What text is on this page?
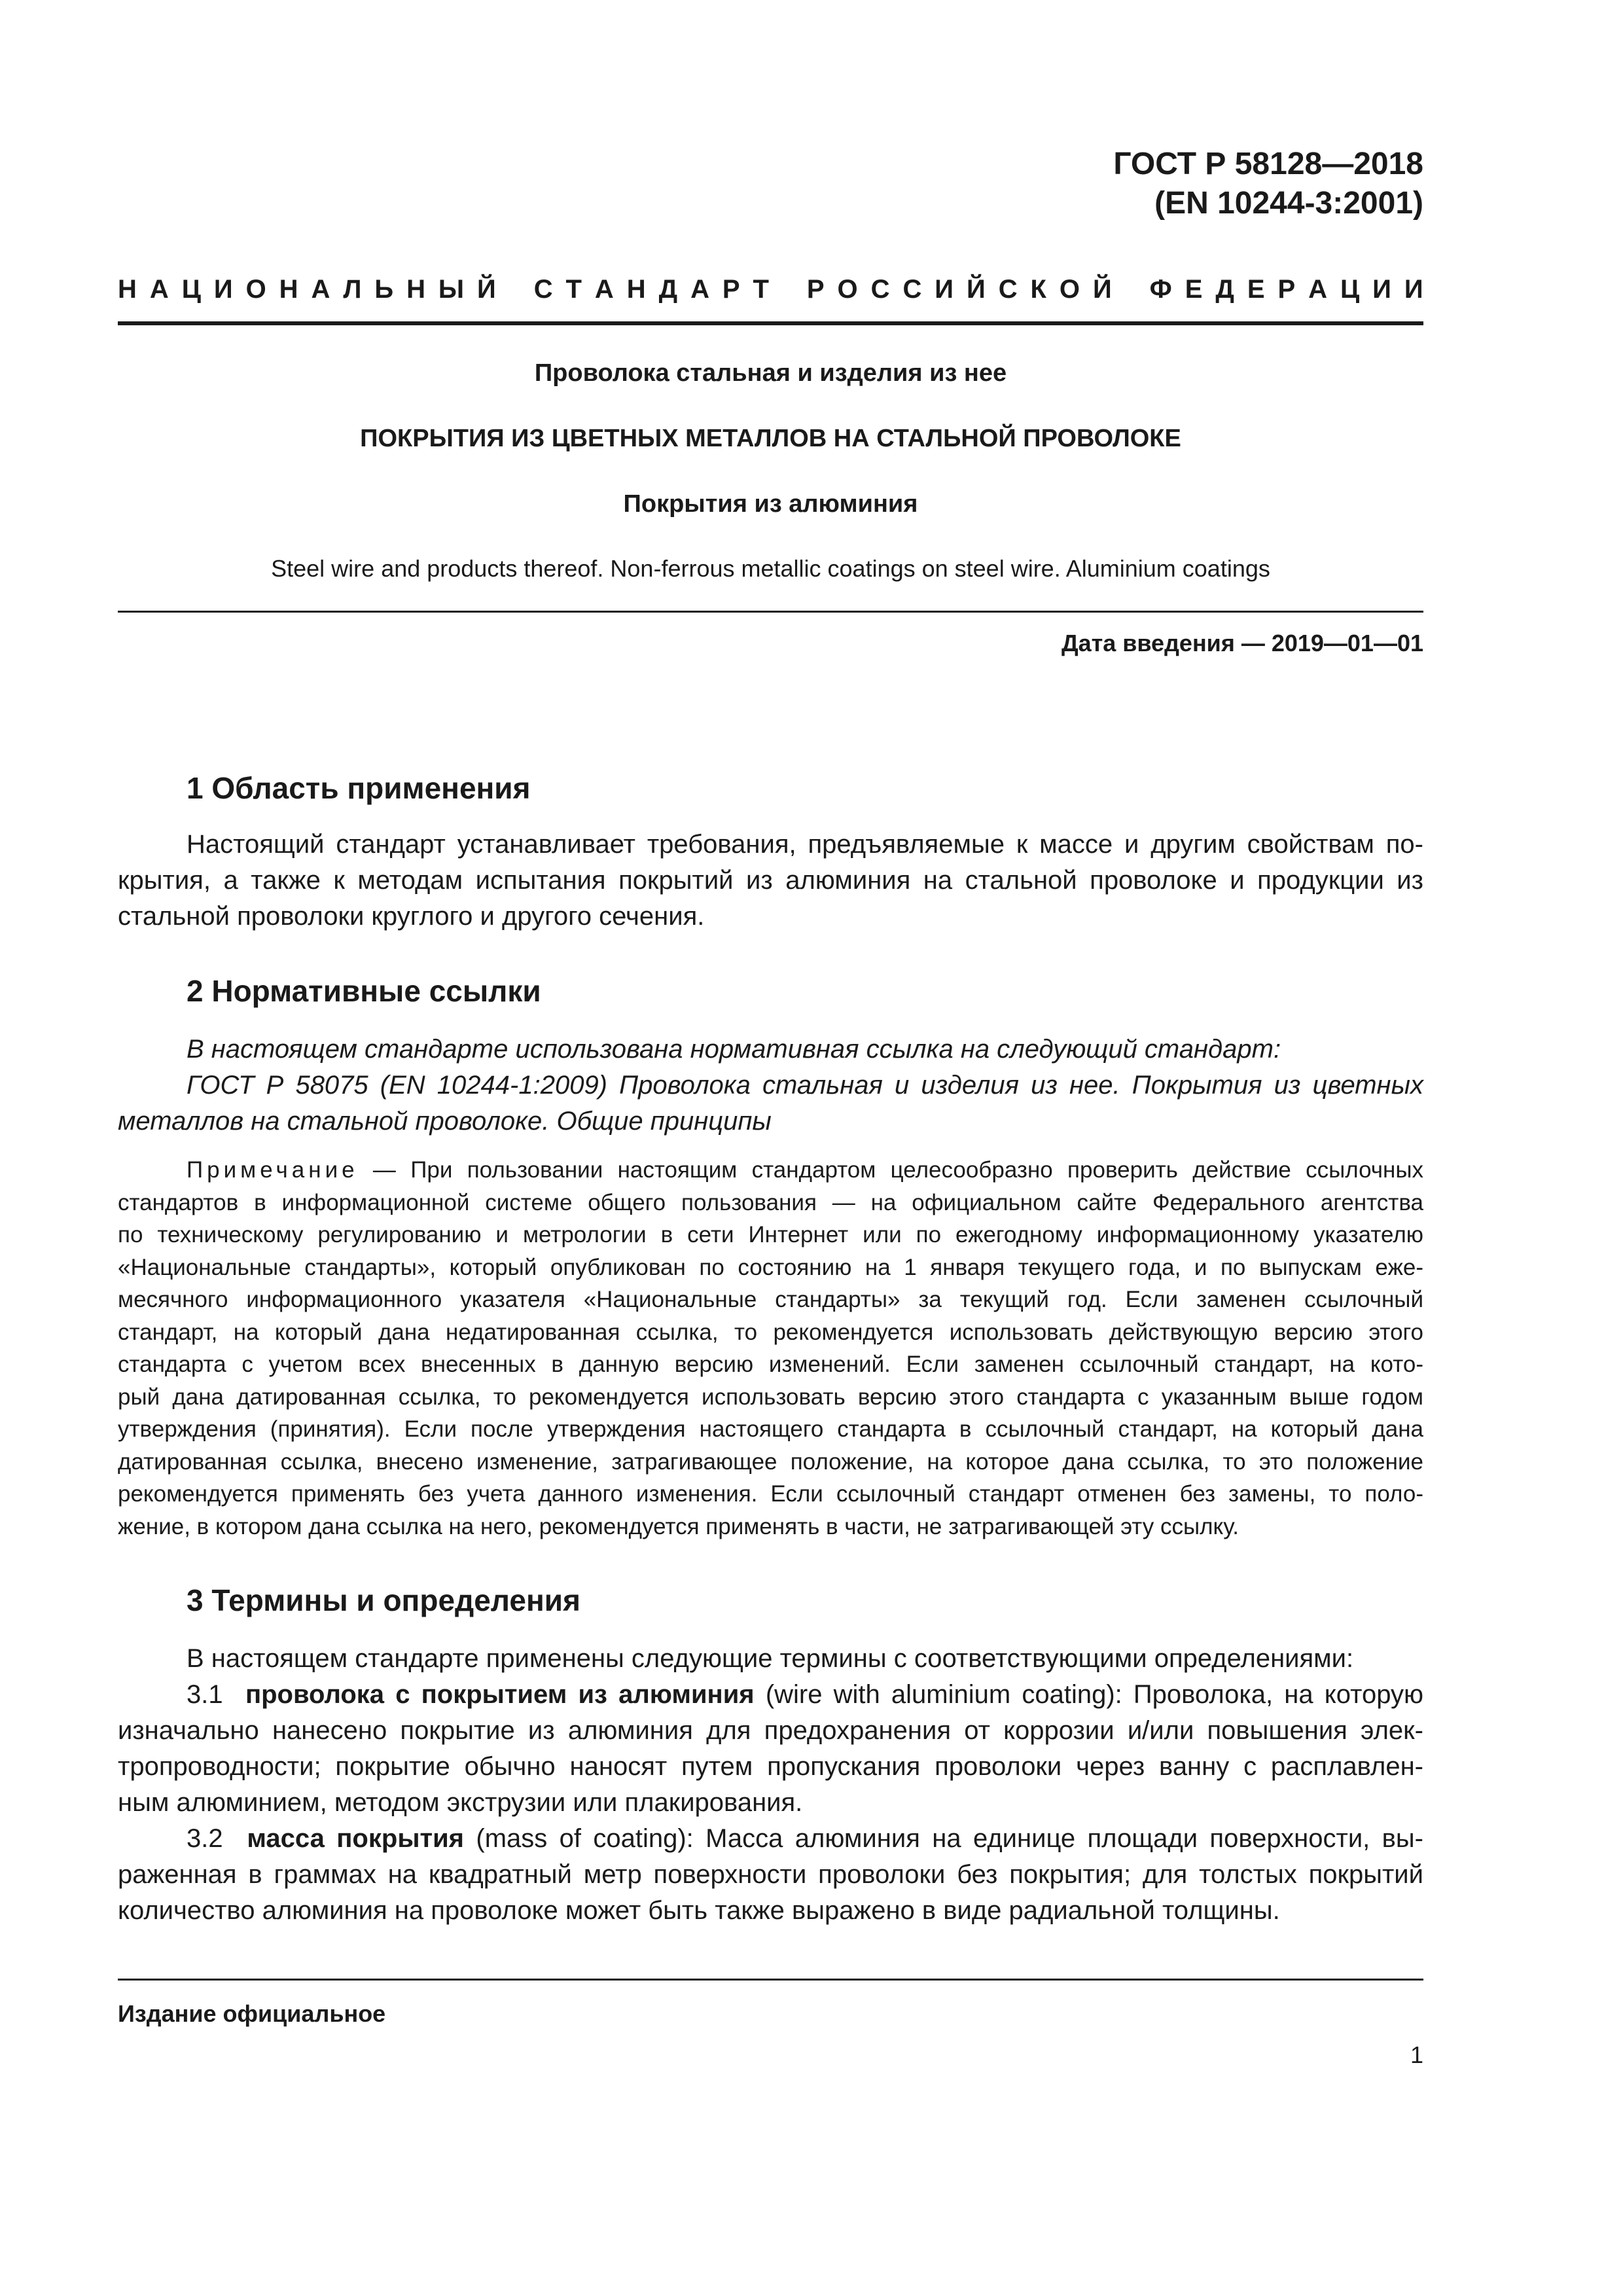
ГОСТ Р 58128—2018
(EN 10244-3:2001)
Н А Ц И О Н А Л Ь Н Ы Й
С Т А Н Д А Р Т
Р О С С И Й С К О Й
Ф Е Д Е Р А Ц И И
Проволока стальная и изделия из нее
ПОКРЫТИЯ ИЗ ЦВЕТНЫХ МЕТАЛЛОВ НА СТАЛЬНОЙ ПРОВОЛОКЕ
Покрытия из алюминия
Steel wire and products thereof. Non-ferrous metallic coatings on steel wire. Aluminium coatings
Дата введения — 2019—01—01
1 Область применения
Настоящий стандарт устанавливает требования, предъявляемые к массе и другим свойствам по-
крытия, а также к методам испытания покрытий из алюминия на стальной проволоке и продукции из
стальной проволоки круглого и другого сечения.
2 Нормативные ссылки
В настоящем стандарте использована нормативная ссылка на следующий стандарт:
ГОСТ Р 58075 (EN 10244-1:2009) Проволока стальная и изделия из нее. Покрытия из цветных
металлов на стальной проволоке. Общие принципы
Примечание — При пользовании настоящим стандартом целесообразно проверить действие ссылочных
стандартов в информационной системе общего пользования — на официальном сайте Федерального агентства
по техническому регулированию и метрологии в сети Интернет или по ежегодному информационному указателю
«Национальные стандарты», который опубликован по состоянию на 1 января текущего года, и по выпускам еже-
месячного информационного указателя «Национальные стандарты» за текущий год. Если заменен ссылочный
стандарт, на который дана недатированная ссылка, то рекомендуется использовать действующую версию этого
стандарта с учетом всех внесенных в данную версию изменений. Если заменен ссылочный стандарт, на кото-
рый дана датированная ссылка, то рекомендуется использовать версию этого стандарта с указанным выше годом
утверждения (принятия). Если после утверждения настоящего стандарта в ссылочный стандарт, на который дана
датированная ссылка, внесено изменение, затрагивающее положение, на которое дана ссылка, то это положение
рекомендуется применять без учета данного изменения. Если ссылочный стандарт отменен без замены, то поло-
жение, в котором дана ссылка на него, рекомендуется применять в части, не затрагивающей эту ссылку.
3 Термины и определения
В настоящем стандарте применены следующие термины с соответствующими определениями:
3.1 проволока с покрытием из алюминия (wire with aluminium coating): Проволока, на которую
изначально нанесено покрытие из алюминия для предохранения от коррозии и/или повышения элек-
тропроводности; покрытие обычно наносят путем пропускания проволоки через ванну с расплавлен-
ным алюминием, методом экструзии или плакирования.
3.2 масса покрытия (mass of coating): Масса алюминия на единице площади поверхности, вы-
раженная в граммах на квадратный метр поверхности проволоки без покрытия; для толстых покрытий
количество алюминия на проволоке может быть также выражено в виде радиальной толщины.
Издание официальное
1
